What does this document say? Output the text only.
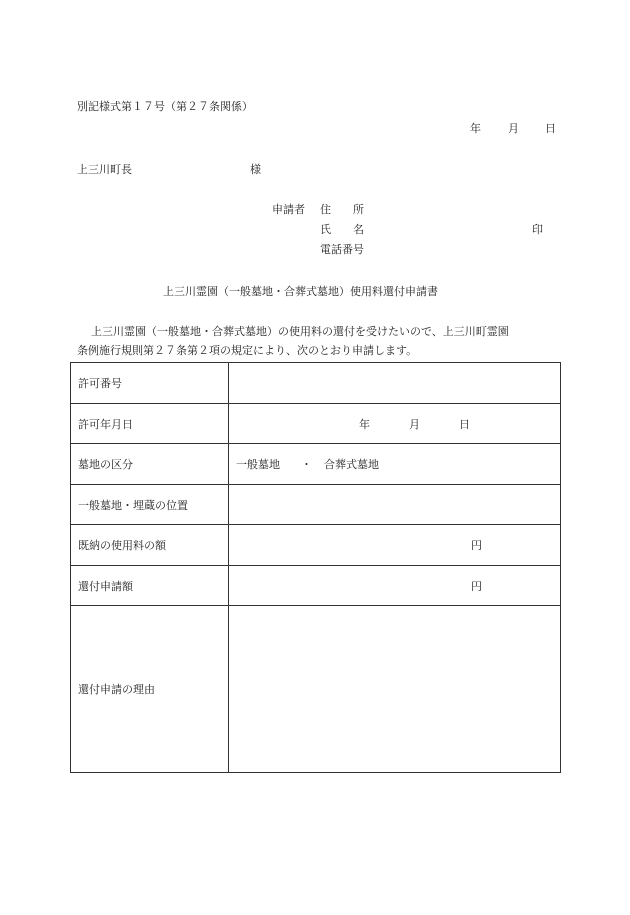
別記様式第１７号（第２７条関係）
年 月 日
上三川町長	様
申請者 住　　所
氏　　名	印
電話番号
上三川霊園（一般墓地・合葬式墓地）使用料還付申請書
上三川霊園（一般墓地・合葬式墓地）の使用料の還付を受けたいので、上三川町霊園
条例施行規則第２７条第２項の規定により、次のとおり申請します。
許可番号	
許可年月日	年 月 日

墓地の区分	一般墓地 ・ 合葬式墓地

一般墓地・埋蔵の位置	
既納の使用料の額	円

還付申請額	円

還付申請の理由	
